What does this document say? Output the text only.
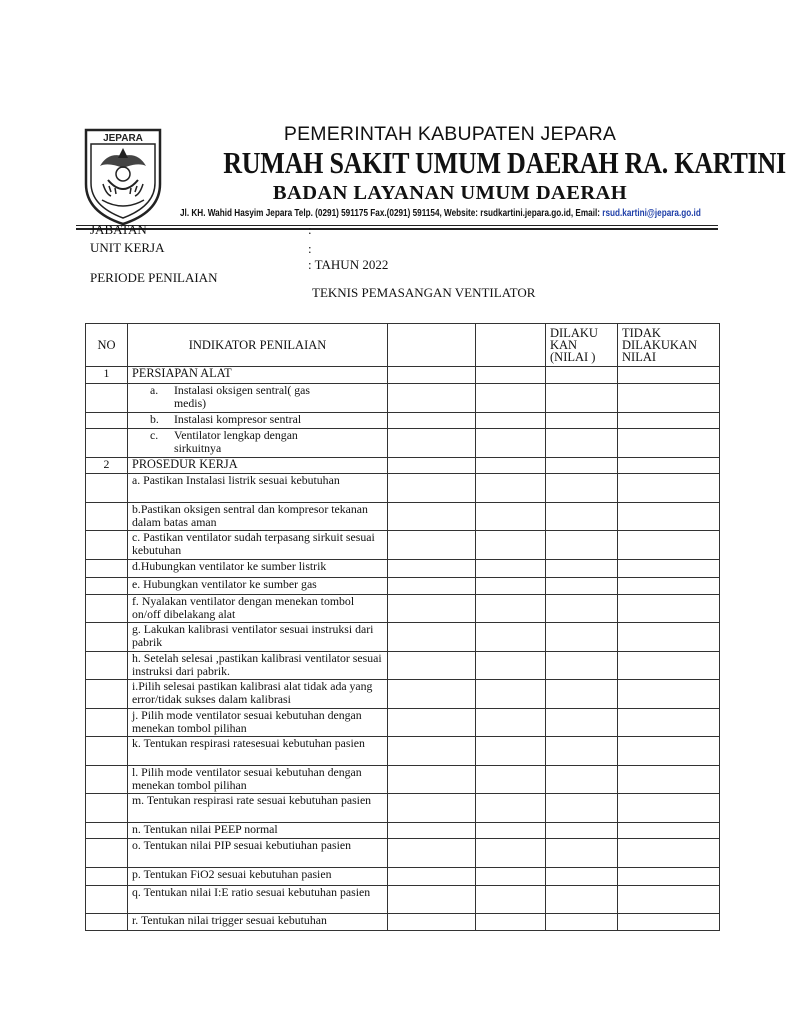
JEPARA	PEMERINTAH KABUPATEN JEPARA
RUMAH SAKIT UMUM DAERAH RA. KARTINI
BADAN LAYANAN UMUM DAERAH
Jl. KH. Wahid Hasyim Jepara Telp. (0291) 591175 Fax.(0291) 591154, Website: rsudkartini.jepara.go.id, Email: rsud.kartini@jepara.go.id
JABATAN	:
UNIT KERJA	:
: TAHUN 2022
PERIODE PENILAIAN
TEKNIS PEMASANGAN VENTILATOR
NO	INDIKATOR PENILAIAN			DILAKU
KAN
(NILAI )	TIDAK
DILAKUKAN
NILAI
1	PERSIAPAN ALAT				
	a. Instalasi oksigen sentral( gas medis)				
	b. Instalasi kompresor sentral				
	c. Ventilator lengkap dengan sirkuitnya				
2	PROSEDUR KERJA				
	a. Pastikan Instalasi listrik sesuai kebutuhan				
	b.Pastikan oksigen sentral dan kompresor tekanan dalam batas aman				
	c. Pastikan ventilator sudah terpasang sirkuit sesuai kebutuhan				
	d.Hubungkan ventilator ke sumber listrik				
	e. Hubungkan ventilator ke sumber gas				
	f. Nyalakan ventilator dengan menekan tombol on/off dibelakang alat				
	g. Lakukan kalibrasi ventilator sesuai instruksi dari pabrik				
	h. Setelah selesai ,pastikan kalibrasi ventilator sesuai instruksi dari pabrik.				
	i.Pilih selesai pastikan kalibrasi alat tidak ada yang error/tidak sukses dalam kalibrasi				
	j. Pilih mode ventilator sesuai kebutuhan dengan menekan tombol pilihan				
	k. Tentukan respirasi ratesesuai kebutuhan pasien				
	l. Pilih mode ventilator sesuai kebutuhan dengan menekan tombol pilihan				
	m. Tentukan respirasi rate sesuai kebutuhan pasien				
	n. Tentukan nilai PEEP normal				
	o. Tentukan nilai PIP sesuai kebutiuhan pasien				
	p. Tentukan FiO2 sesuai kebutuhan pasien				
	q. Tentukan nilai I:E ratio sesuai kebutuhan pasien				
	r. Tentukan nilai trigger sesuai kebutuhan				
